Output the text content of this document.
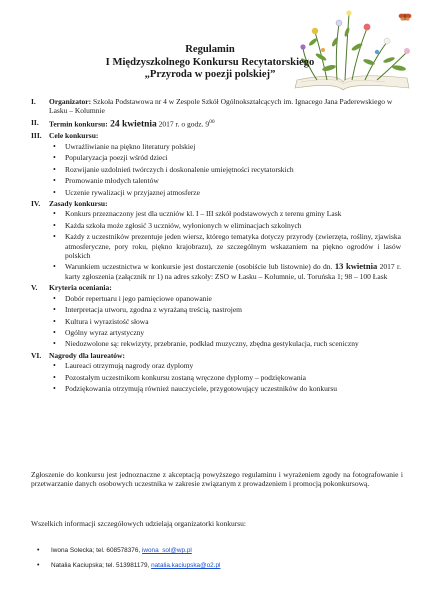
Regulamin
I Międzyszkolnego Konkursu Recytatorskiego
„Przyroda w poezji polskiej”
I.	Organizator: Szkoła Podstawowa nr 4 w Zespole Szkół Ogólnokształcących im. Ignacego Jana Paderewskiego w Lasku – Kolumnie
II.	Termin konkursu: 24 kwietnia 2017 r. o godz. $9^{00}$
III. Cele konkursu:
• Uwrażliwianie na piękno literatury polskiej
• Popularyzacja poezji wśród dzieci
• Rozwijanie uzdolnień twórczych i doskonalenie umiejętności recytatorskich
• Promowanie młodych talentów
• Uczenie rywalizacji w przyjaznej atmosferze
IV.	Zasady konkursu:
• Konkurs przeznaczony jest dla uczniów kl. I – III szkół podstawowych z terenu gminy Lask
• Każda szkoła może zgłosić 3 uczniów, wyłonionych w eliminacjach szkolnych
• Każdy z uczestników prezentuje jeden wiersz, którego tematyka dotyczy przyrody (zwierzęta, rośliny, zjawiska atmosferyczne, pory roku, piękno krajobrazu), ze szczególnym wskazaniem na piękno ogrodów i lasów polskich
• Warunkiem uczestnictwa w konkursie jest dostarczenie (osobiście lub listownie) do dn. 13 kwietnia 2017 r. karty zgłoszenia (załącznik nr 1) na adres szkoły: ZSO w Łasku – Kolumnie, ul. Toruńska 1; 98 – 100 Łask
V.	Kryteria oceniania:
• Dobór repertuaru i jego pamięciowe opanowanie
• Interpretacja utworu, zgodna z wyrażaną treścią, nastrojem
• Kultura i wyrazistość słowa
• Ogólny wyraz artystyczny
• Niedozwolone są: rekwizyty, przebranie, podkład muzyczny, zbędna gestykulacja, ruch sceniczny
VI.	Nagrody dla laureatów:
• Laureaci otrzymują nagrody oraz dyplomy
• Pozostałym uczestnikom konkursu zostaną wręczone dyplomy – podziękowania
• Podziękowania otrzymują również nauczyciele, przygotowujący uczestników do konkursu
Zgłoszenie do konkursu jest jednoznaczne z akceptacją powyższego regulaminu i wyrażeniem zgody na fotografowanie i przetwarzanie danych osobowych uczestnika w zakresie związanym z prowadzeniem i promocją pokonkursową.
Wszelkich informacji szczegółowych udzielają organizatorki konkursu:
• Iwona Solecka; tel. 608578376, iwona_sol@wp.pl
• Natalia Kaciupska; tel. 513981179, natalia.kaciupska@o2.pl
